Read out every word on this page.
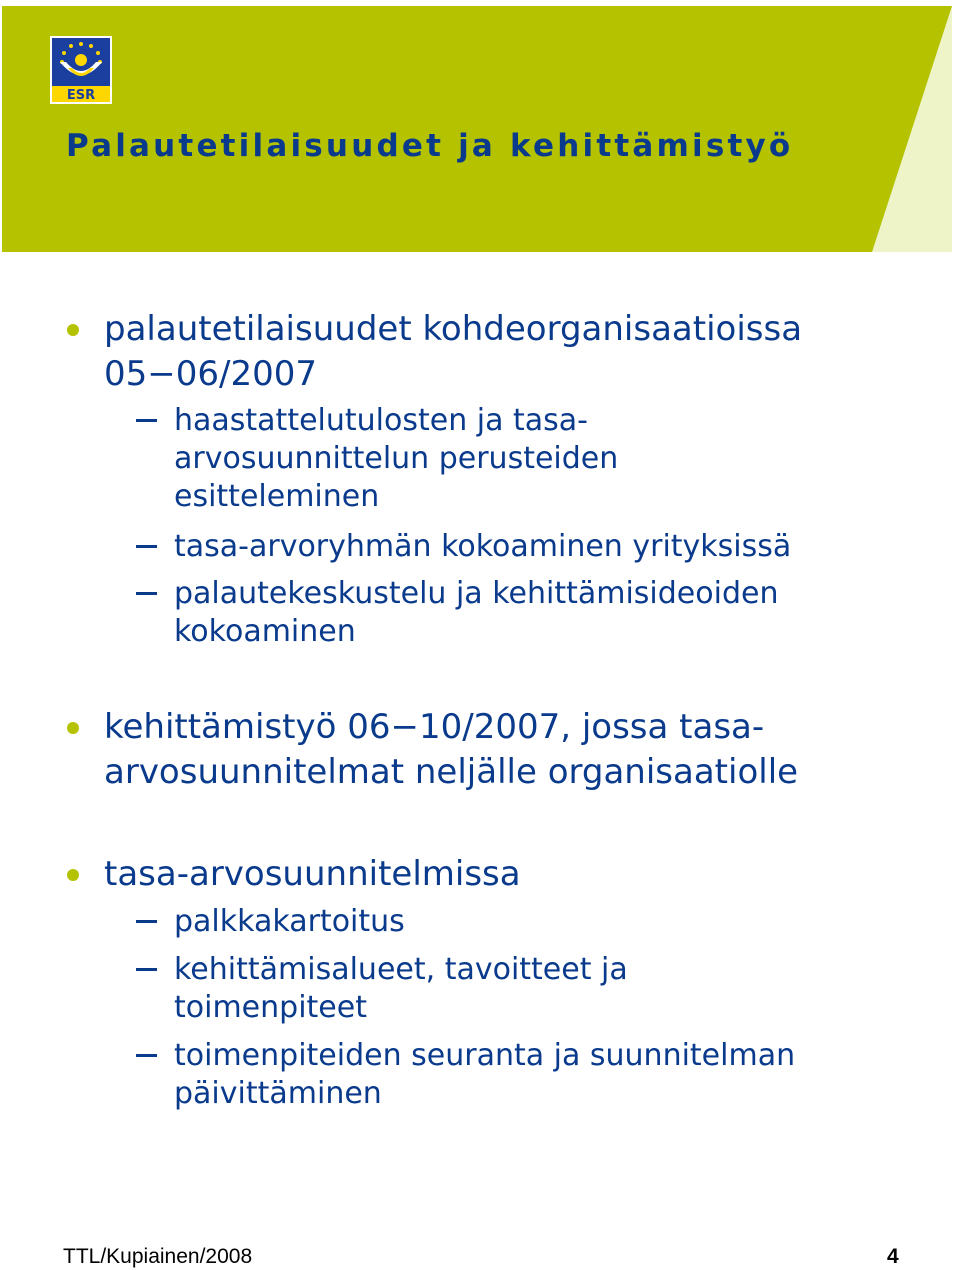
ESR
Palautetilaisuudet ja kehittämistyö
palautetilaisuudet kohdeorganisaatioissa
05−06/2007
haastattelutulosten ja tasa-
arvosuunnittelun perusteiden
esitteleminen
tasa-arvoryhmän kokoaminen yrityksissä
palautekeskustelu ja kehittämisideoiden
kokoaminen
kehittämistyö 06−10/2007, jossa tasa-
arvosuunnitelmat neljälle organisaatiolle
tasa-arvosuunnitelmissa
palkkakartoitus
kehittämisalueet, tavoitteet ja
toimenpiteet
toimenpiteiden seuranta ja suunnitelman
päivittäminen
TTL/Kupiainen/2008	4
